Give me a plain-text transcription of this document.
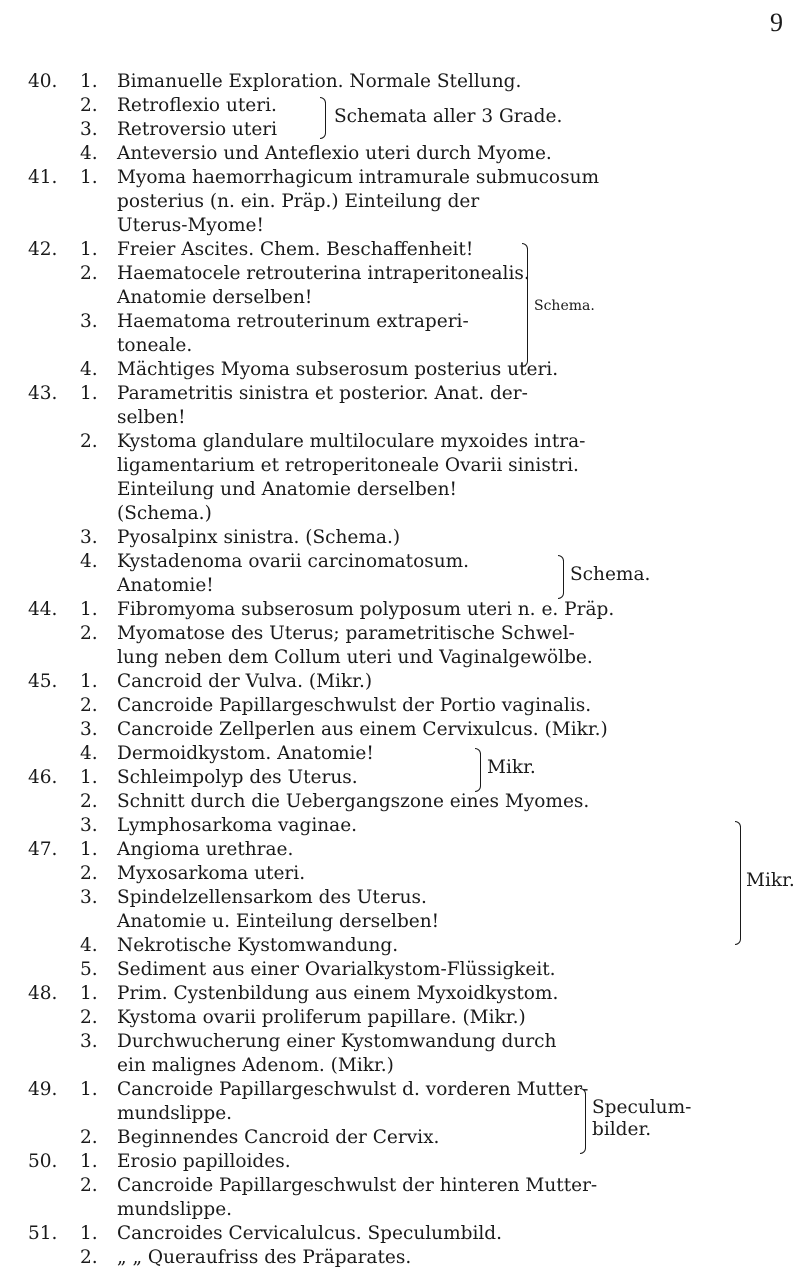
9
40.	1.	Bimanuelle Exploration. Normale Stellung.
2.	Retroflexio uteri.
3.	Retroversio uteri
4.	Anteversio und Anteflexio uteri durch Myome.
41.	1.	Myoma haemorrhagicum intramurale submucosum
posterius (n. ein. Präp.) Einteilung der
Uterus-Myome!
42.	1.	Freier Ascites. Chem. Beschaffenheit!
2.	Haematocele retrouterina intraperitonealis.
Anatomie derselben!
3.	Haematoma retrouterinum extraperi-
toneale.
4.	Mächtiges Myoma subserosum posterius uteri.
43.	1.	Parametritis sinistra et posterior. Anat. der-
selben!
2.	Kystoma glandulare multiloculare myxoides intra-
ligamentarium et retroperitoneale Ovarii sinistri.
Einteilung und Anatomie derselben!
(Schema.)
3.	Pyosalpinx sinistra. (Schema.)
4.	Kystadenoma ovarii carcinomatosum.
Anatomie!
44.	1.	Fibromyoma subserosum polyposum uteri n. e. Präp.
2.	Myomatose des Uterus; parametritische Schwel-
lung neben dem Collum uteri und Vaginalgewölbe.
45.	1.	Cancroid der Vulva. (Mikr.)
2.	Cancroide Papillargeschwulst der Portio vaginalis.
3.	Cancroide Zellperlen aus einem Cervixulcus. (Mikr.)
4.	Dermoidkystom. Anatomie!
46.	1.	Schleimpolyp des Uterus.
2.	Schnitt durch die Uebergangszone eines Myomes.
3.	Lymphosarkoma vaginae.
47.	1.	Angioma urethrae.
2.	Myxosarkoma uteri.
3.	Spindelzellensarkom des Uterus.
Anatomie u. Einteilung derselben!
4.	Nekrotische Kystomwandung.
5.	Sediment aus einer Ovarialkystom-Flüssigkeit.
48.	1.	Prim. Cystenbildung aus einem Myxoidkystom.
2.	Kystoma ovarii proliferum papillare. (Mikr.)
3.	Durchwucherung einer Kystomwandung durch
ein malignes Adenom. (Mikr.)
49.	1.	Cancroide Papillargeschwulst d. vorderen Mutter-
mundslippe.
2.	Beginnendes Cancroid der Cervix.
50.	1.	Erosio papilloides.
2.	Cancroide Papillargeschwulst der hinteren Mutter-
mundslippe.
51.	1.	Cancroides Cervicalulcus. Speculumbild.
2.	„ „ Queraufriss des Präparates.
Schemata aller 3 Grade.
Schema.
Schema.
Mikr.
Mikr.
Speculum-bilder.
